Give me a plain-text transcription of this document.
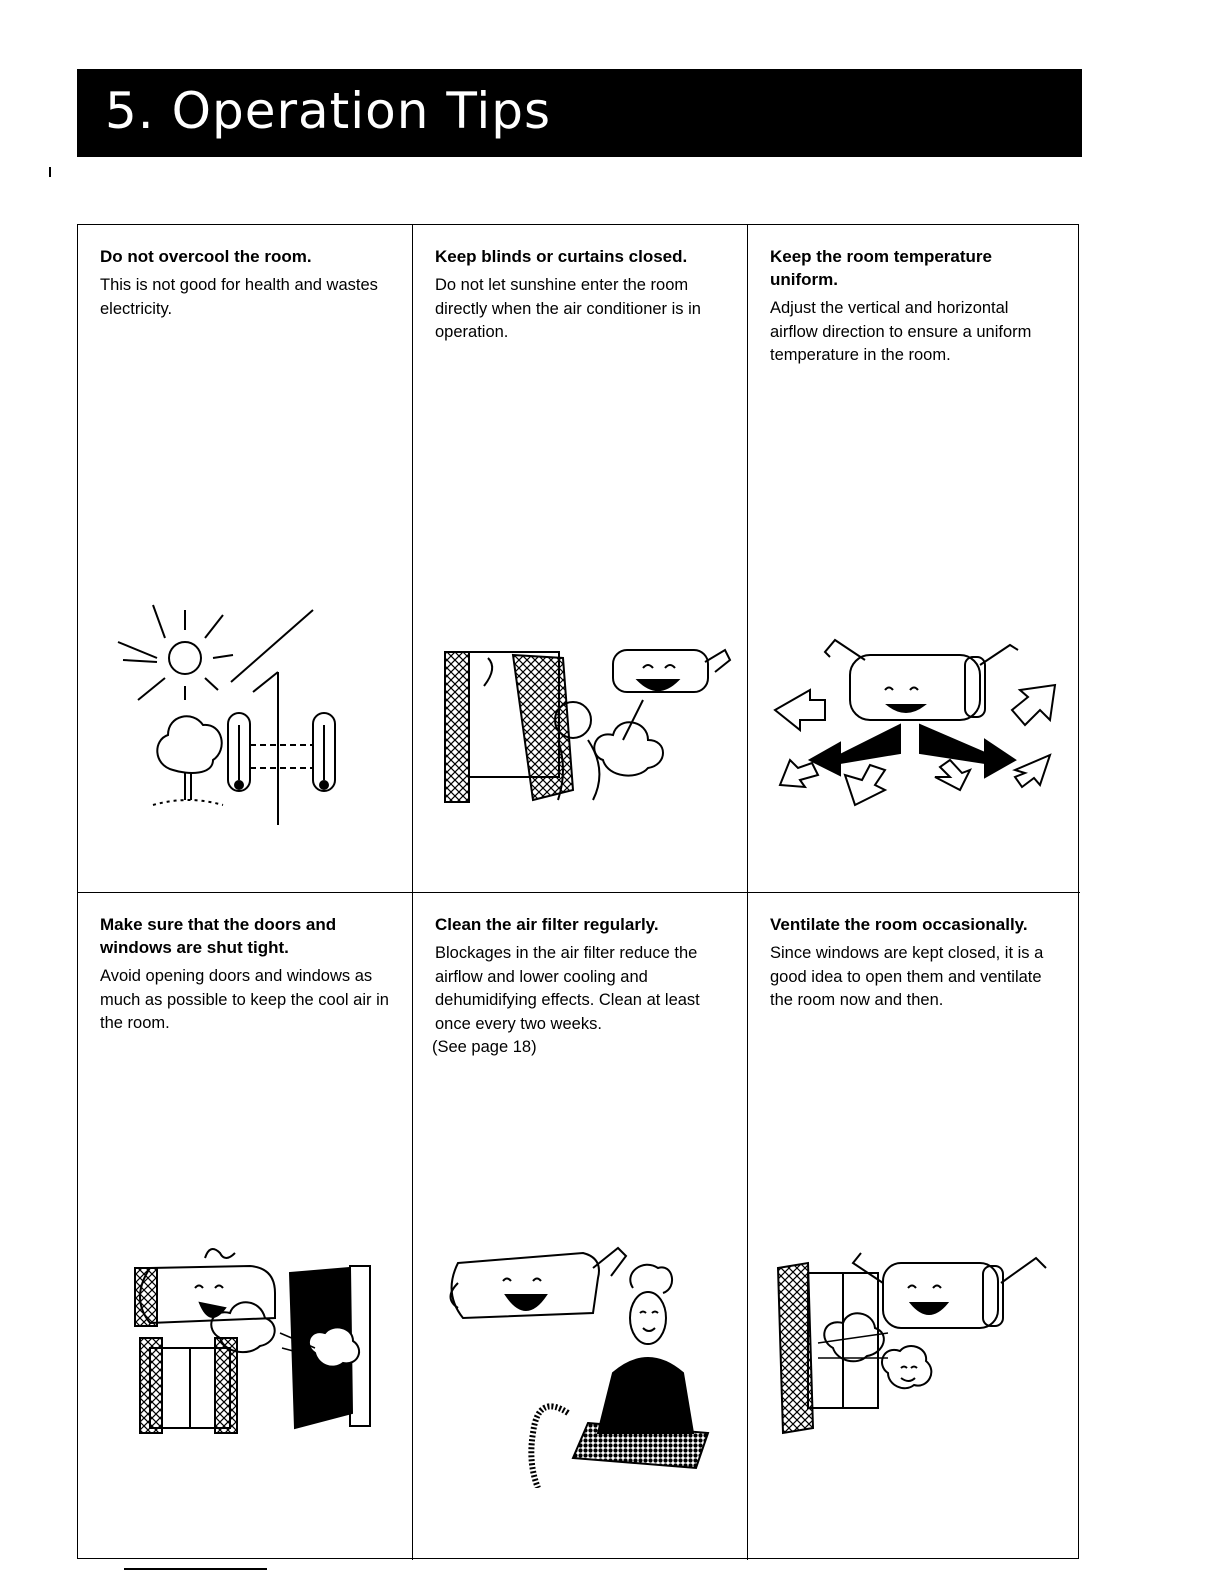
5. Operation Tips
Do not overcool the room.
This is not good for health and wastes electricity.
Keep blinds or curtains closed.
Do not let sunshine enter the room directly when the air conditioner is in operation.
Keep the room temperature uniform.
Adjust the vertical and horizontal airflow direction to ensure a uniform temperature in the room.
Make sure that the doors and windows are shut tight.
Avoid opening doors and windows as much as possible to keep the cool air in the room.
Clean the air filter regularly.
Blockages in the air filter reduce the airflow and lower cooling and dehumidifying effects. Clean at least once every two weeks.
(See page 18)
Ventilate the room occasionally.
Since windows are kept closed, it is a good idea to open them and ventilate the room now and then.
